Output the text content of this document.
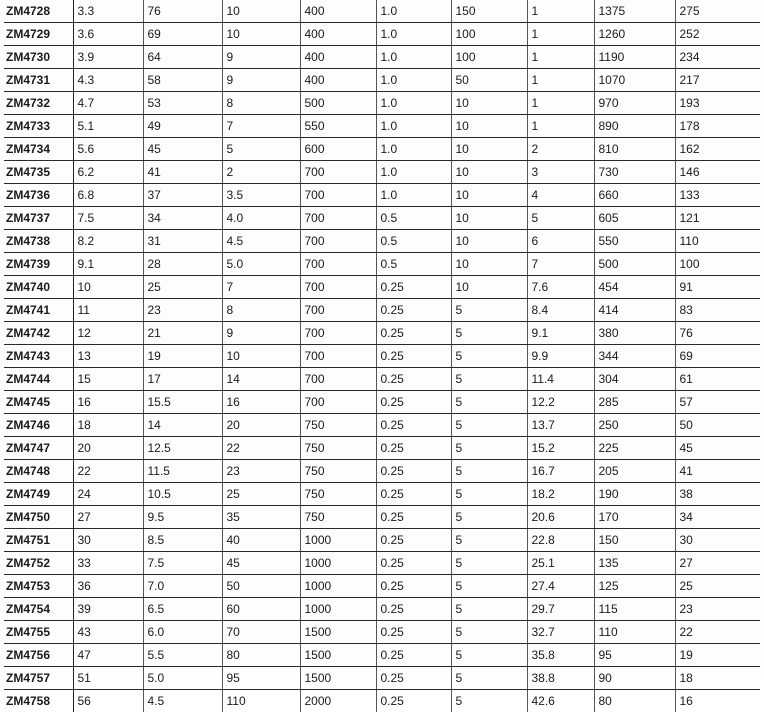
ZM4728	3.3	76	10	400	1.0	150	1	1375	275
ZM4729	3.6	69	10	400	1.0	100	1	1260	252
ZM4730	3.9	64	9	400	1.0	100	1	1190	234
ZM4731	4.3	58	9	400	1.0	50	1	1070	217
ZM4732	4.7	53	8	500	1.0	10	1	970	193
ZM4733	5.1	49	7	550	1.0	10	1	890	178
ZM4734	5.6	45	5	600	1.0	10	2	810	162
ZM4735	6.2	41	2	700	1.0	10	3	730	146
ZM4736	6.8	37	3.5	700	1.0	10	4	660	133
ZM4737	7.5	34	4.0	700	0.5	10	5	605	121
ZM4738	8.2	31	4.5	700	0.5	10	6	550	110
ZM4739	9.1	28	5.0	700	0.5	10	7	500	100
ZM4740	10	25	7	700	0.25	10	7.6	454	91
ZM4741	11	23	8	700	0.25	5	8.4	414	83
ZM4742	12	21	9	700	0.25	5	9.1	380	76
ZM4743	13	19	10	700	0.25	5	9.9	344	69
ZM4744	15	17	14	700	0.25	5	11.4	304	61
ZM4745	16	15.5	16	700	0.25	5	12.2	285	57
ZM4746	18	14	20	750	0.25	5	13.7	250	50
ZM4747	20	12.5	22	750	0.25	5	15.2	225	45
ZM4748	22	11.5	23	750	0.25	5	16.7	205	41
ZM4749	24	10.5	25	750	0.25	5	18.2	190	38
ZM4750	27	9.5	35	750	0.25	5	20.6	170	34
ZM4751	30	8.5	40	1000	0.25	5	22.8	150	30
ZM4752	33	7.5	45	1000	0.25	5	25.1	135	27
ZM4753	36	7.0	50	1000	0.25	5	27.4	125	25
ZM4754	39	6.5	60	1000	0.25	5	29.7	115	23
ZM4755	43	6.0	70	1500	0.25	5	32.7	110	22
ZM4756	47	5.5	80	1500	0.25	5	35.8	95	19
ZM4757	51	5.0	95	1500	0.25	5	38.8	90	18
ZM4758	56	4.5	110	2000	0.25	5	42.6	80	16
